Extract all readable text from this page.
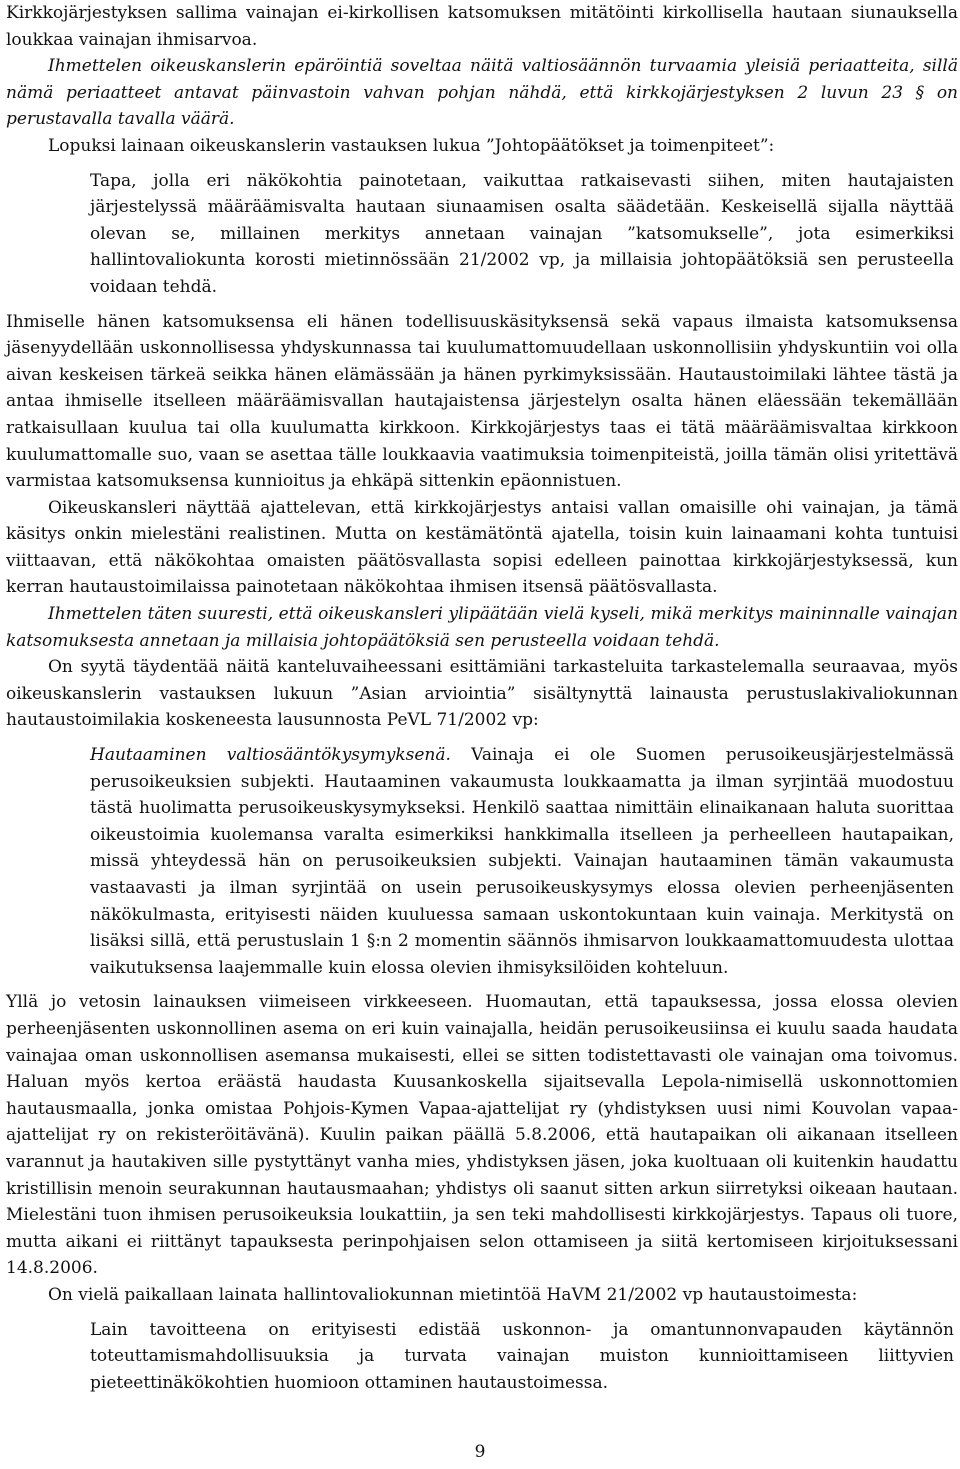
Kirkkojärjestyksen sallima vainajan ei-kirkollisen katsomuksen mitätöinti kirkollisella hautaan siunauksella loukkaa vainajan ihmisarvoa.

Ihmettelen oikeuskanslerin epäröintiä soveltaa näitä valtiosäännön turvaamia yleisiä periaatteita, sillä nämä periaatteet antavat päinvastoin vahvan pohjan nähdä, että kirkkojärjestyksen 2 luvun 23 § on perustavalla tavalla väärä.

Lopuksi lainaan oikeuskanslerin vastauksen lukua ”Johtopäätökset ja toimenpiteet”:

Tapa, jolla eri näkökohtia painotetaan, vaikuttaa ratkaisevasti siihen, miten hautajaisten järjestelyssä määräämisvalta hautaan siunaamisen osalta säädetään. Keskeisellä sijalla näyttää olevan se, millainen merkitys annetaan vainajan ”katsomukselle”, jota esimerkiksi hallintovaliokunta korosti mietinnössään 21/2002 vp, ja millaisia johtopäätöksiä sen perusteella voidaan tehdä.

Ihmiselle hänen katsomuksensa eli hänen todellisuuskäsityksensä sekä vapaus ilmaista katsomuksensa jäsenyydellään uskonnollisessa yhdyskunnassa tai kuulumattomuudellaan uskonnollisiin yhdyskuntiin voi olla aivan keskeisen tärkeä seikka hänen elämässään ja hänen pyrkimyksissään. Hautaustoimilaki lähtee tästä ja antaa ihmiselle itselleen määräämisvallan hautajaistensa järjestelyn osalta hänen eläessään tekemällään ratkaisullaan kuulua tai olla kuulumatta kirkkoon. Kirkkojärjestys taas ei tätä määräämisvaltaa kirkkoon kuulumattomalle suo, vaan se asettaa tälle loukkaavia vaatimuksia toimenpiteistä, joilla tämän olisi yritettävä varmistaa katsomuksensa kunnioitus ja ehkäpä sittenkin epäonnistuen.

Oikeuskansleri näyttää ajattelevan, että kirkkojärjestys antaisi vallan omaisille ohi vainajan, ja tämä käsitys onkin mielestäni realistinen. Mutta on kestämätöntä ajatella, toisin kuin lainaamani kohta tuntuisi viittaavan, että näkökohtaa omaisten päätösvallasta sopisi edelleen painottaa kirkkojärjestyksessä, kun kerran hautaustoimilaissa painotetaan näkökohtaa ihmisen itsensä päätösvallasta.

Ihmettelen täten suuresti, että oikeuskansleri ylipäätään vielä kyseli, mikä merkitys maininnalle vainajan katsomuksesta annetaan ja millaisia johtopäätöksiä sen perusteella voidaan tehdä.

On syytä täydentää näitä kanteluvaiheessani esittämiäni tarkasteluita tarkastelemalla seuraavaa, myös oikeuskanslerin vastauksen lukuun ”Asian arviointia” sisältynyttä lainausta perustuslakivaliokunnan hautaustoimilakia koskeneesta lausunnosta PeVL 71/2002 vp:

Hautaaminen valtiosääntökysymyksenä. Vainaja ei ole Suomen perusoikeusjärjestelmässä perusoikeuksien subjekti. Hautaaminen vakaumusta loukkaamatta ja ilman syrjintää muodostuu tästä huolimatta perusoikeuskysymykseksi. Henkilö saattaa nimittäin elinaikanaan haluta suorittaa oikeustoimia kuolemansa varalta esimerkiksi hankkimalla itselleen ja perheelleen hautapaikan, missä yhteydessä hän on perusoikeuksien subjekti. Vainajan hautaaminen tämän vakaumusta vastaavasti ja ilman syrjintää on usein perusoikeuskysymys elossa olevien perheenjäsenten näkökulmasta, erityisesti näiden kuuluessa samaan uskontokuntaan kuin vainaja. Merkitystä on lisäksi sillä, että perustuslain 1 §:n 2 momentin säännös ihmisarvon loukkaamattomuudesta ulottaa vaikutuksensa laajemmalle kuin elossa olevien ihmisyksilöiden kohteluun.

Yllä jo vetosin lainauksen viimeiseen virkkeeseen. Huomautan, että tapauksessa, jossa elossa olevien perheenjäsenten uskonnollinen asema on eri kuin vainajalla, heidän perusoikeusiinsa ei kuulu saada haudata vainajaa oman uskonnollisen asemansa mukaisesti, ellei se sitten todistettavasti ole vainajan oma toivomus. Haluan myös kertoa eräästä haudasta Kuusankoskella sijaitsevalla Lepola-nimisellä uskonnottomien hautausmaalla, jonka omistaa Pohjois-Kymen Vapaa-ajattelijat ry (yhdistyksen uusi nimi Kouvolan vapaa-ajattelijat ry on rekisteröitävänä). Kuulin paikan päällä 5.8.2006, että hautapaikan oli aikanaan itselleen varannut ja hautakiven sille pystyttänyt vanha mies, yhdistyksen jäsen, joka kuoltuaan oli kuitenkin haudattu kristillisin menoin seurakunnan hautausmaahan; yhdistys oli saanut sitten arkun siirretyksi oikeaan hautaan. Mielestäni tuon ihmisen perusoikeuksia loukattiin, ja sen teki mahdollisesti kirkkojärjestys. Tapaus oli tuore, mutta aikani ei riittänyt tapauksesta perinpohjaisen selon ottamiseen ja siitä kertomiseen kirjoituksessani 14.8.2006.

On vielä paikallaan lainata hallintovaliokunnan mietintöä HaVM 21/2002 vp hautaustoimesta:

Lain tavoitteena on erityisesti edistää uskonnon- ja omantunnonvapauden käytännön toteuttamismahdollisuuksia ja turvata vainajan muiston kunnioittamiseen liittyvien pieteettinäkökohtien huomioon ottaminen hautaustoimessa.

9
